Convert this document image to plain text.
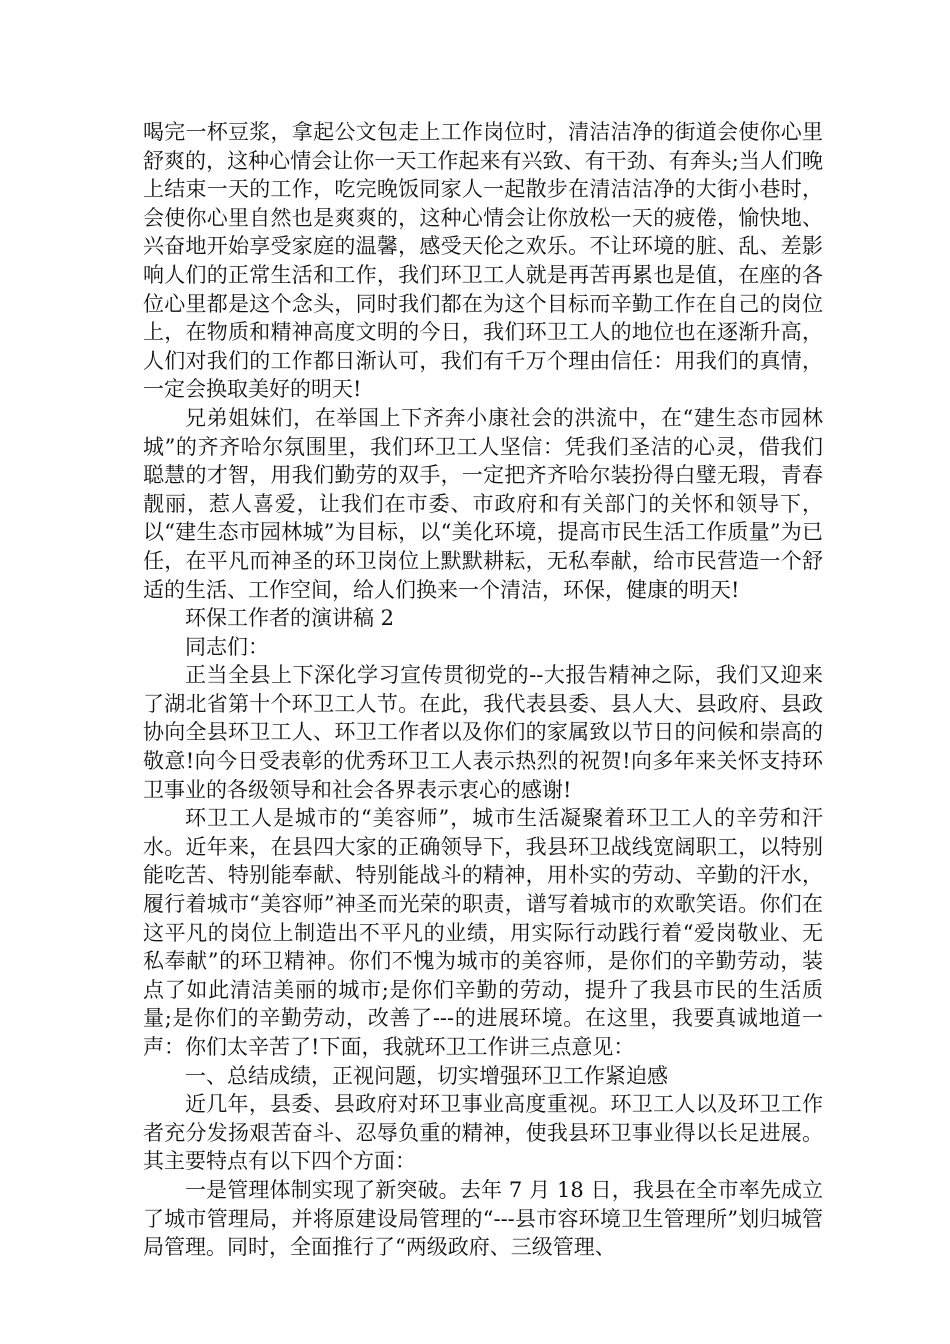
喝完一杯豆浆，拿起公文包走上工作岗位时，清洁洁净的街道会使你心里舒爽的，这种心情会让你一天工作起来有兴致、有干劲、有奔头;当人们晚上结束一天的工作，吃完晚饭同家人一起散步在清洁洁净的大街小巷时，会使你心里自然也是爽爽的，这种心情会让你放松一天的疲倦，愉快地、兴奋地开始享受家庭的温馨，感受天伦之欢乐。不让环境的脏、乱、差影响人们的正常生活和工作，我们环卫工人就是再苦再累也是值，在座的各位心里都是这个念头，同时我们都在为这个目标而辛勤工作在自己的岗位上，在物质和精神高度文明的今日，我们环卫工人的地位也在逐渐升高，人们对我们的工作都日渐认可，我们有千万个理由信任：用我们的真情，一定会换取美好的明天!

兄弟姐妹们，在举国上下齐奔小康社会的洪流中，在“建生态市园林城”的齐齐哈尔氛围里，我们环卫工人坚信：凭我们圣洁的心灵，借我们聪慧的才智，用我们勤劳的双手，一定把齐齐哈尔装扮得白璧无瑕，青春靓丽，惹人喜爱，让我们在市委、市政府和有关部门的关怀和领导下，以“建生态市园林城”为目标，以“美化环境，提高市民生活工作质量”为已任，在平凡而神圣的环卫岗位上默默耕耘，无私奉献，给市民营造一个舒适的生活、工作空间，给人们换来一个清洁，环保，健康的明天!

环保工作者的演讲稿 2

同志们：

正当全县上下深化学习宣传贯彻党的--大报告精神之际，我们又迎来了湖北省第十个环卫工人节。在此，我代表县委、县人大、县政府、县政协向全县环卫工人、环卫工作者以及你们的家属致以节日的问候和崇高的敬意!向今日受表彰的优秀环卫工人表示热烈的祝贺!向多年来关怀支持环卫事业的各级领导和社会各界表示衷心的感谢!

环卫工人是城市的“美容师”，城市生活凝聚着环卫工人的辛劳和汗水。近年来，在县四大家的正确领导下，我县环卫战线宽阔职工，以特别能吃苦、特别能奉献、特别能战斗的精神，用朴实的劳动、辛勤的汗水，履行着城市“美容师”神圣而光荣的职责，谱写着城市的欢歌笑语。你们在这平凡的岗位上制造出不平凡的业绩，用实际行动践行着“爱岗敬业、无私奉献”的环卫精神。你们不愧为城市的美容师，是你们的辛勤劳动，装点了如此清洁美丽的城市;是你们辛勤的劳动，提升了我县市民的生活质量;是你们的辛勤劳动，改善了---的进展环境。在这里，我要真诚地道一声：你们太辛苦了!下面，我就环卫工作讲三点意见：

一、总结成绩，正视问题，切实增强环卫工作紧迫感

近几年，县委、县政府对环卫事业高度重视。环卫工人以及环卫工作者充分发扬艰苦奋斗、忍辱负重的精神，使我县环卫事业得以长足进展。其主要特点有以下四个方面：

一是管理体制实现了新突破。去年 7 月 18 日，我县在全市率先成立了城市管理局，并将原建设局管理的“---县市容环境卫生管理所”划归城管局管理。同时，全面推行了“两级政府、三级管理、
